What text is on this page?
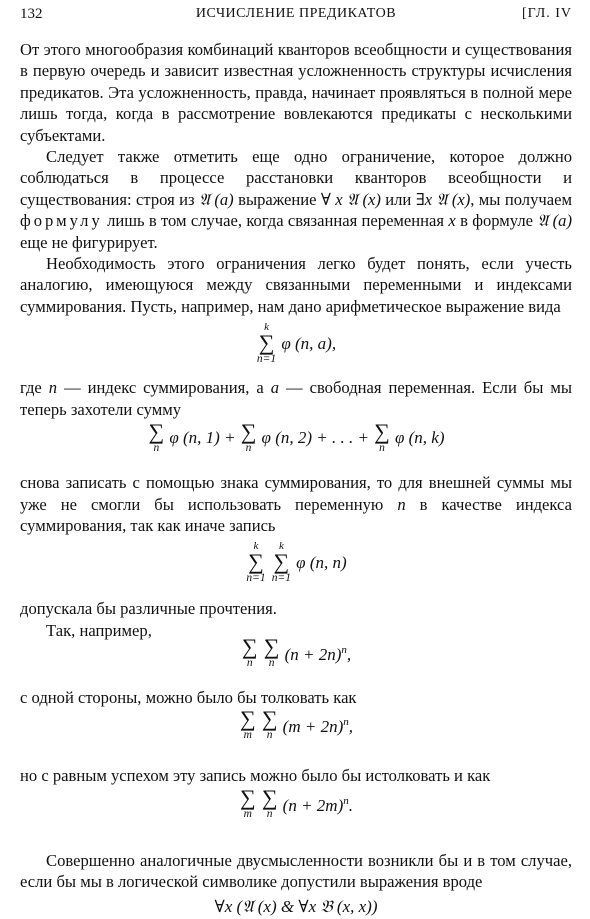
132	ИСЧИСЛЕНИЕ ПРЕДИКАТОВ	[ГЛ. IV

От этого многообразия комбинаций кванторов всеобщности и существования в первую очередь и зависит известная усложненность структуры исчисления предикатов. Эта усложненность, правда, начинает проявляться в полной мере лишь тогда, когда в рассмотрение вовлекаются предикаты с несколькими субъектами.

Следует также отметить еще одно ограничение, которое должно соблюдаться в процессе расстановки кванторов всеобщности и существования: строя из 𝔄 (a) выражение ∀ x 𝔄 (x) или ∃x 𝔄 (x), мы получаем формулу лишь в том случае, когда связанная переменная x в формуле 𝔄 (a) еще не фигурирует.

Необходимость этого ограничения легко будет понять, если учесть аналогию, имеющуюся между связанными переменными и индексами суммирования. Пусть, например, нам дано арифметическое выражение вида

k
∑
n=1
φ (n, a),

где n — индекс суммирования, а a — свободная переменная. Если бы мы теперь захотели сумму

∑
n
φ (n, 1) + ∑
n
φ (n, 2) + . . . + ∑
n
φ (n, k)

снова записать с помощью знака суммирования, то для внешней суммы мы уже не смогли бы использовать переменную n в качестве индекса суммирования, так как иначе запись

k
∑
n=1

k
∑
n=1
φ (n, n)

допускала бы различные прочтения.

Так, например,

∑
n

∑
n $(n + 2n)^n$,

с одной стороны, можно было бы толковать как

∑
m

∑
n $(m + 2n)^n$,

но с равным успехом эту запись можно было бы истолковать и как

∑
m

∑
n $(n + 2m)^n$.

Совершенно аналогичные двусмысленности возникли бы и в том случае, если бы мы в логической символике допустили выражения вроде

∀x (𝔄 (x) & ∀x 𝔅 (x, x))
